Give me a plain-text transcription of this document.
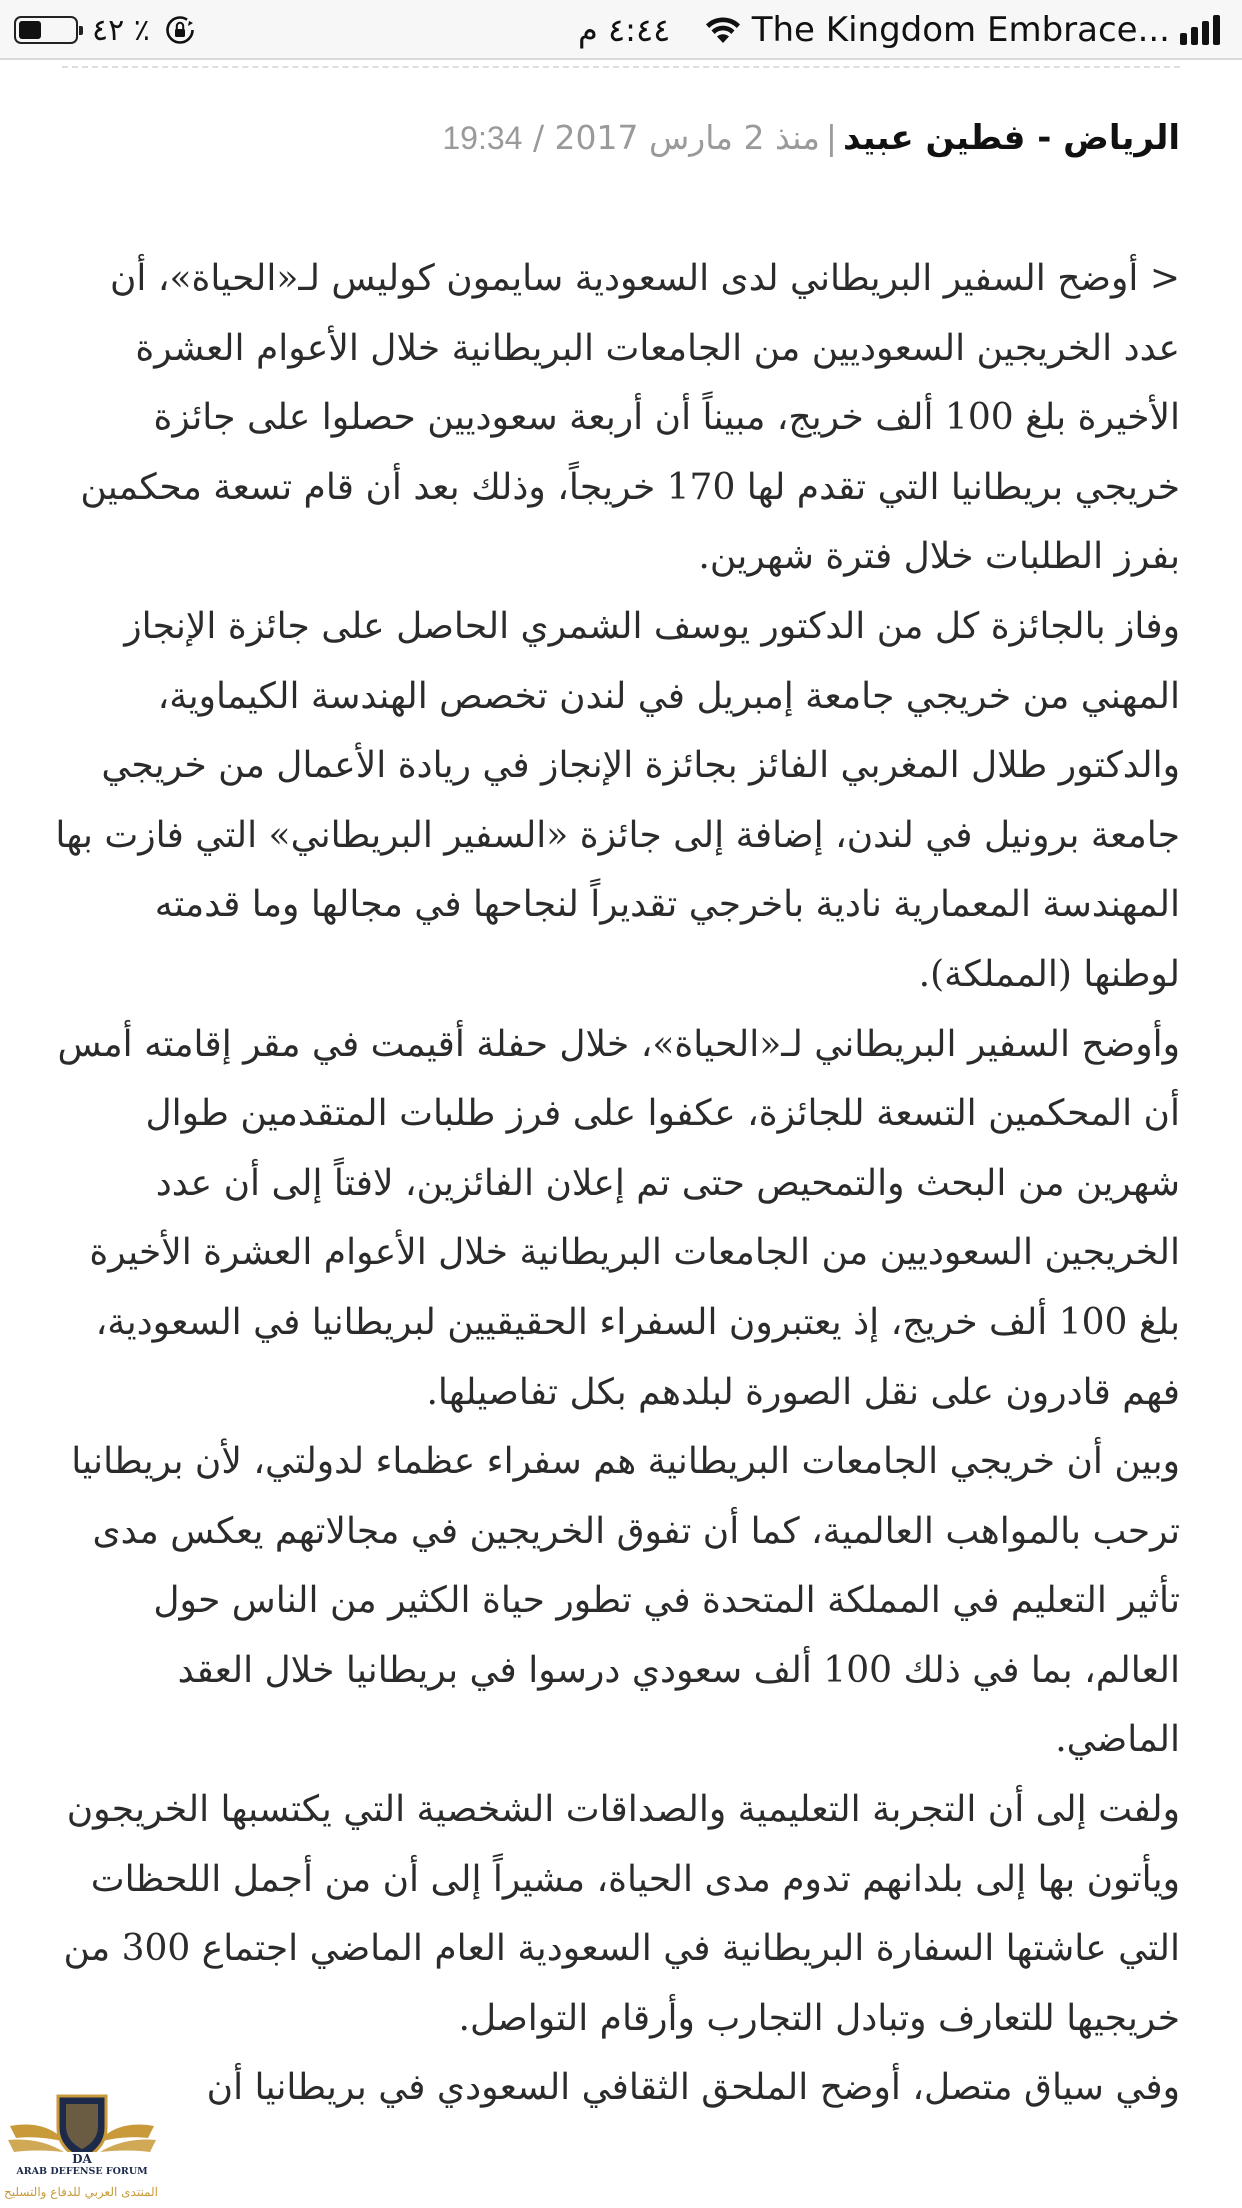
٪ ٤٢	٤:٤٤ م The Kingdom Embrace...
الرياض - فطين عبيد|منذ 2 مارس 2017 / 19:34

< أوضح السفير البريطاني لدى السعودية سايمون كوليس لـ«الحياة»، أن عدد الخريجين السعوديين من الجامعات البريطانية خلال الأعوام العشرة الأخيرة بلغ 100 ألف خريج، مبيناً أن أربعة سعوديين حصلوا على جائزة خريجي بريطانيا التي تقدم لها 170 خريجاً، وذلك بعد أن قام تسعة محكمين بفرز الطلبات خلال فترة شهرين.

وفاز بالجائزة كل من الدكتور يوسف الشمري الحاصل على جائزة الإنجاز المهني من خريجي جامعة إمبريل في لندن تخصص الهندسة الكيماوية، والدكتور طلال المغربي الفائز بجائزة الإنجاز في ريادة الأعمال من خريجي جامعة برونيل في لندن، إضافة إلى جائزة «السفير البريطاني» التي فازت بها المهندسة المعمارية نادية باخرجي تقديراً لنجاحها في مجالها وما قدمته لوطنها (المملكة).

وأوضح السفير البريطاني لـ«الحياة»، خلال حفلة أقيمت في مقر إقامته أمس أن المحكمين التسعة للجائزة، عكفوا على فرز طلبات المتقدمين طوال شهرين من البحث والتمحيص حتى تم إعلان الفائزين، لافتاً إلى أن عدد الخريجين السعوديين من الجامعات البريطانية خلال الأعوام العشرة الأخيرة بلغ 100 ألف خريج، إذ يعتبرون السفراء الحقيقيين لبريطانيا في السعودية، فهم قادرون على نقل الصورة لبلدهم بكل تفاصيلها.

وبين أن خريجي الجامعات البريطانية هم سفراء عظماء لدولتي، لأن بريطانيا ترحب بالمواهب العالمية، كما أن تفوق الخريجين في مجالاتهم يعكس مدى تأثير التعليم في المملكة المتحدة في تطور حياة الكثير من الناس حول العالم، بما في ذلك 100 ألف سعودي درسوا في بريطانيا خلال العقد الماضي.

ولفت إلى أن التجربة التعليمية والصداقات الشخصية التي يكتسبها الخريجون ويأتون بها إلى بلدانهم تدوم مدى الحياة، مشيراً إلى أن من أجمل اللحظات التي عاشتها السفارة البريطانية في السعودية العام الماضي اجتماع 300 من خريجيها للتعارف وتبادل التجارب وأرقام التواصل.

وفي سياق متصل، أوضح الملحق الثقافي السعودي في بريطانيا أن

DA
ARAB DEFENSE FORUM
المنتدى العربي للدفاع والتسليح
